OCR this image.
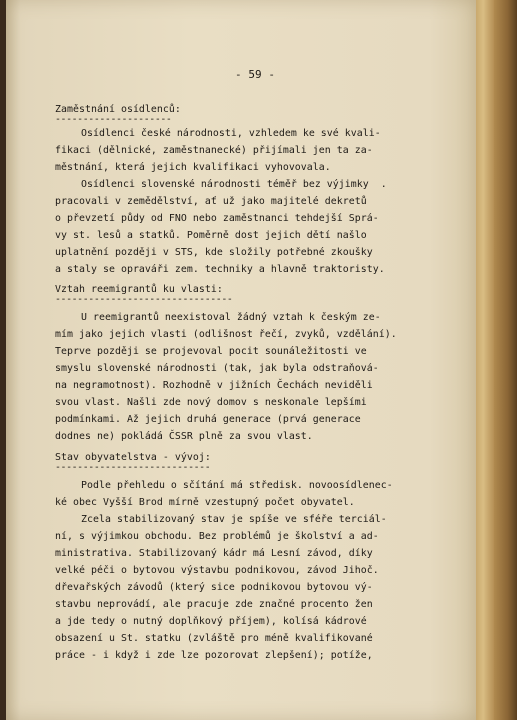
- 59 -
Zaměstnání osídlenců:
---------------------
Osídlenci české národnosti, vzhledem ke své kvali-
fikaci (dělnické, zaměstnanecké) přijímali jen ta za-
městnání, která jejich kvalifikaci vyhovovala.
Osídlenci slovenské národnosti téměř bez výjimky  .
pracovali v zemědělství, ať už jako majitelé dekretů
o převzetí půdy od FNO nebo zaměstnanci tehdejší Sprá-
vy st. lesů a statků. Poměrně dost jejich dětí našlo
uplatnění později v STS, kde složily potřebné zkoušky
a staly se opraváři zem. techniky a hlavně traktoristy.
Vztah reemigrantů ku vlasti:
--------------------------------
U reemigrantů neexistoval žádný vztah k českým ze-
mím jako jejich vlasti (odlišnost řečí, zvyků, vzdělání).
Teprve později se projevoval pocit sounáležitosti ve
smyslu slovenské národnosti (tak, jak byla odstraňová-
na negramotnost). Rozhodně v jižních Čechách neviděli
svou vlast. Našli zde nový domov s neskonale lepšími
podmínkami. Až jejich druhá generace (prvá generace
dodnes ne) pokládá ČSSR plně za svou vlast.
Stav obyvatelstva - vývoj:
----------------------------
Podle přehledu o sčítání má středisk. novoosídlenec-
ké obec Vyšší Brod mírně vzestupný počet obyvatel.
Zcela stabilizovaný stav je spíše ve sféře terciál-
ní, s výjimkou obchodu. Bez problémů je školství a ad-
ministrativa. Stabilizovaný kádr má Lesní závod, díky
velké péči o bytovou výstavbu podnikovou, závod Jihoč.
dřevařských závodů (který sice podnikovou bytovou vý-
stavbu neprovádí, ale pracuje zde značné procento žen
a jde tedy o nutný doplňkový příjem), kolísá kádrové
obsazení u St. statku (zvláště pro méně kvalifikované
práce - i když i zde lze pozorovat zlepšení); potíže,
